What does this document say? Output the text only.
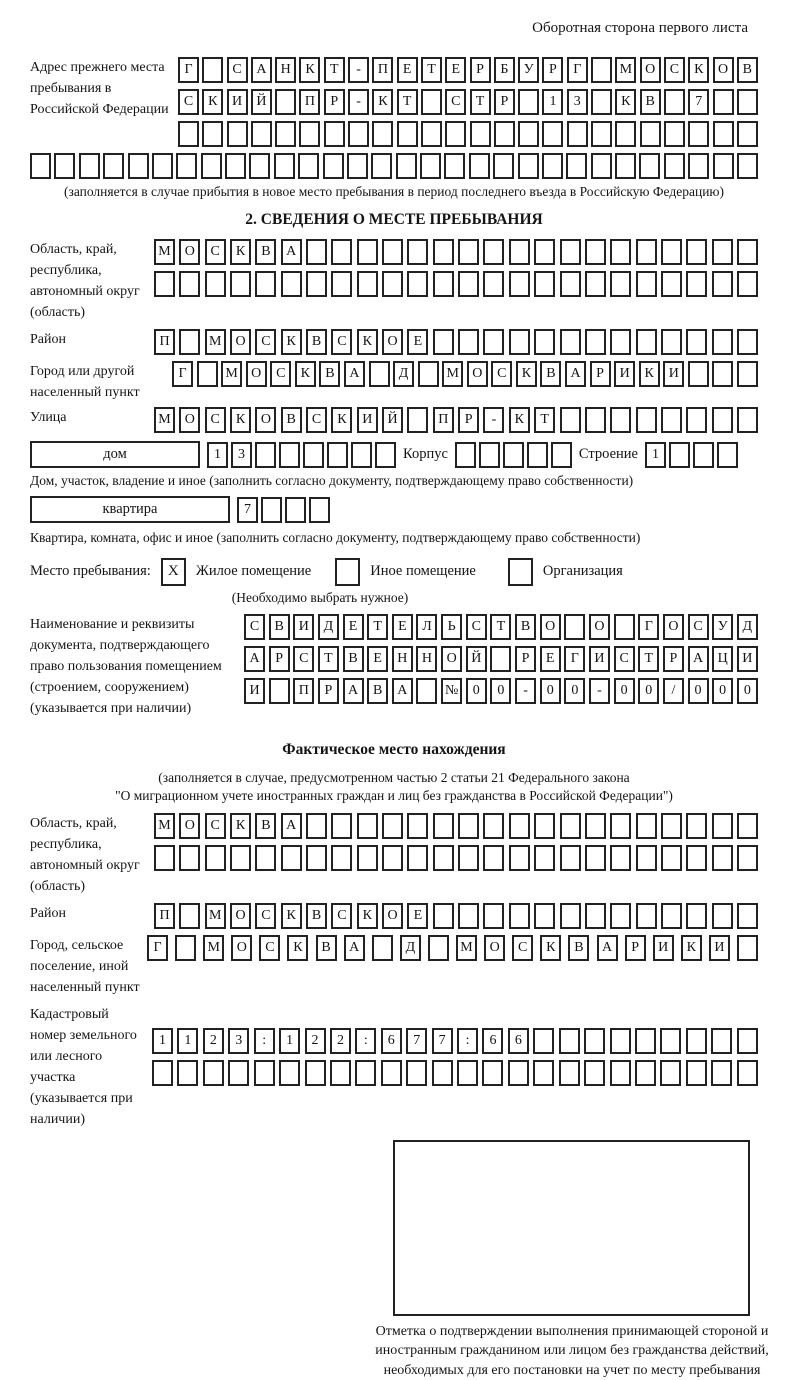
Оборотная сторона первого листа
Адрес прежнего места пребывания в Российской Федерации
Г	С	А	Н	К	Т	-	П	Е	Т	Е	Р	Б	У	Р	Г	М О	С	К	О	В
С	К	И	Й	П	Р	-	К	Т	С	Т	Р	1	3	К	В	7
(заполняется в случае прибытия в новое место пребывания в период последнего въезда в Российскую Федерацию)
2. СВЕДЕНИЯ О МЕСТЕ ПРЕБЫВАНИЯ
Область, край, республика, автономный округ (область)
М	О	С	К	В	А
Район	П	М	О	С	К	В	С	К	О	Е
Город или другой населенный пункт
Г	М О	С	К	В	А	Д	М О	С	К	В	А	Р	И	К	И
Улица	М	О	С	К	О	В	С	К	И	Й	П	Р	-	К	Т
дом	1	3	Корпус	Строение	1
Дом, участок, владение и иное (заполнить согласно документу, подтверждающему право собственности)
квартира	7
Квартира, комната, офис и иное (заполнить согласно документу, подтверждающему право собственности)
Место пребывания:	X	Жилое помещение	Иное помещение	Организация
(Необходимо выбрать нужное)
Наименование и реквизиты документа, подтверждающего право пользования помещением (строением, сооружением) (указывается при наличии)
С	В	И	Д	Е	Т	Е	Л	Ь	С	Т	В	О	О	Г	О	С	У	Д
А	Р	С	Т	В	Е	Н	Н	О	Й	Р	Е	Г	И	С	Т	Р	А	Ц	И
И	П	Р	А	В	А	№	0	0	-	0	0	-	0	0	/	0	0	0
Фактическое место нахождения
(заполняется в случае, предусмотренном частью 2 статьи 21 Федерального закона
"О миграционном учете иностранных граждан и лиц без гражданства в Российской Федерации")
Область, край, республика, автономный округ (область)
М	О	С	К	В	А
Район	П	М	О	С	К	В	С	К	О	Е
Город, сельское поселение, иной населенный пункт
Г	М	О	С	К	В	А	Д	М	О	С	К	В	А	Р	И	К	И
Кадастровый номер земельного или лесного участка (указывается при наличии)
1	1	2	3	:	1	2	2	:	6	7	7	:	6	6
Отметка о подтверждении выполнения принимающей стороной и иностранным гражданином или лицом без гражданства действий, необходимых для его постановки на учет по месту пребывания
